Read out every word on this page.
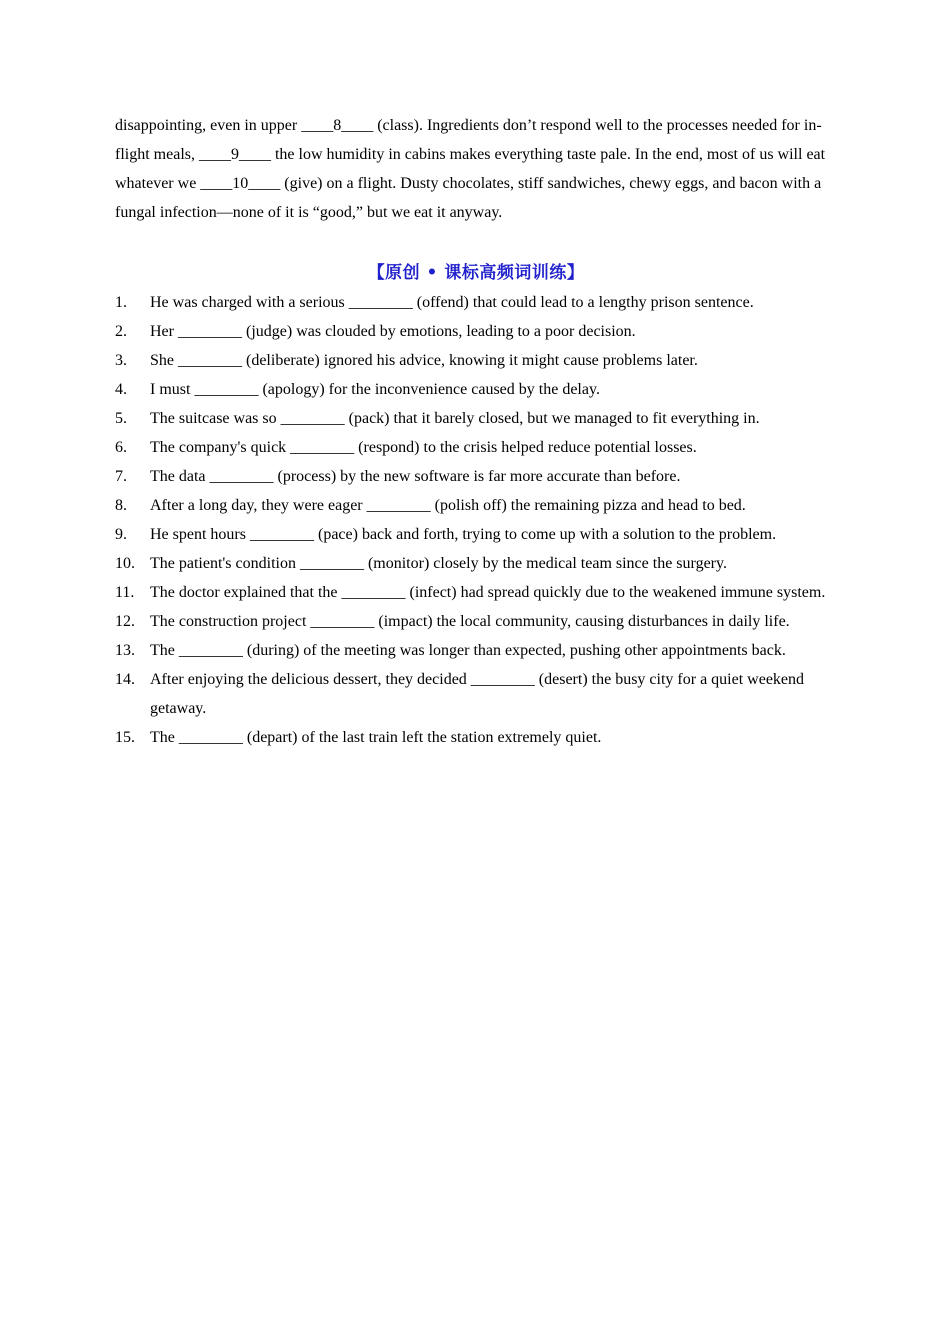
disappointing, even in upper ____8____ (class). Ingredients don’t respond well to the processes needed for in-flight meals, ____9____ the low humidity in cabins makes everything taste pale. In the end, most of us will eat whatever we ____10____ (give) on a flight. Dusty chocolates, stiff sandwiches, chewy eggs, and bacon with a fungal infection—none of it is “good,” but we eat it anyway.

【原创 • 课标高频词训练】
1.	He was charged with a serious ________ (offend) that could lead to a lengthy prison sentence.
2.	Her ________ (judge) was clouded by emotions, leading to a poor decision.
3.	She ________ (deliberate) ignored his advice, knowing it might cause problems later.
4.	I must ________ (apology) for the inconvenience caused by the delay.
5.	The suitcase was so ________ (pack) that it barely closed, but we managed to fit everything in.
6.	The company's quick ________ (respond) to the crisis helped reduce potential losses.
7.	The data ________ (process) by the new software is far more accurate than before.
8.	After a long day, they were eager ________ (polish off) the remaining pizza and head to bed.
9.	He spent hours ________ (pace) back and forth, trying to come up with a solution to the problem.
10. The patient's condition ________ (monitor) closely by the medical team since the surgery.
11. The doctor explained that the ________ (infect) had spread quickly due to the weakened immune system.
12. The construction project ________ (impact) the local community, causing disturbances in daily life.
13. The ________ (during) of the meeting was longer than expected, pushing other appointments back.
14. After enjoying the delicious dessert, they decided ________ (desert) the busy city for a quiet weekend getaway.
15. The ________ (depart) of the last train left the station extremely quiet.
